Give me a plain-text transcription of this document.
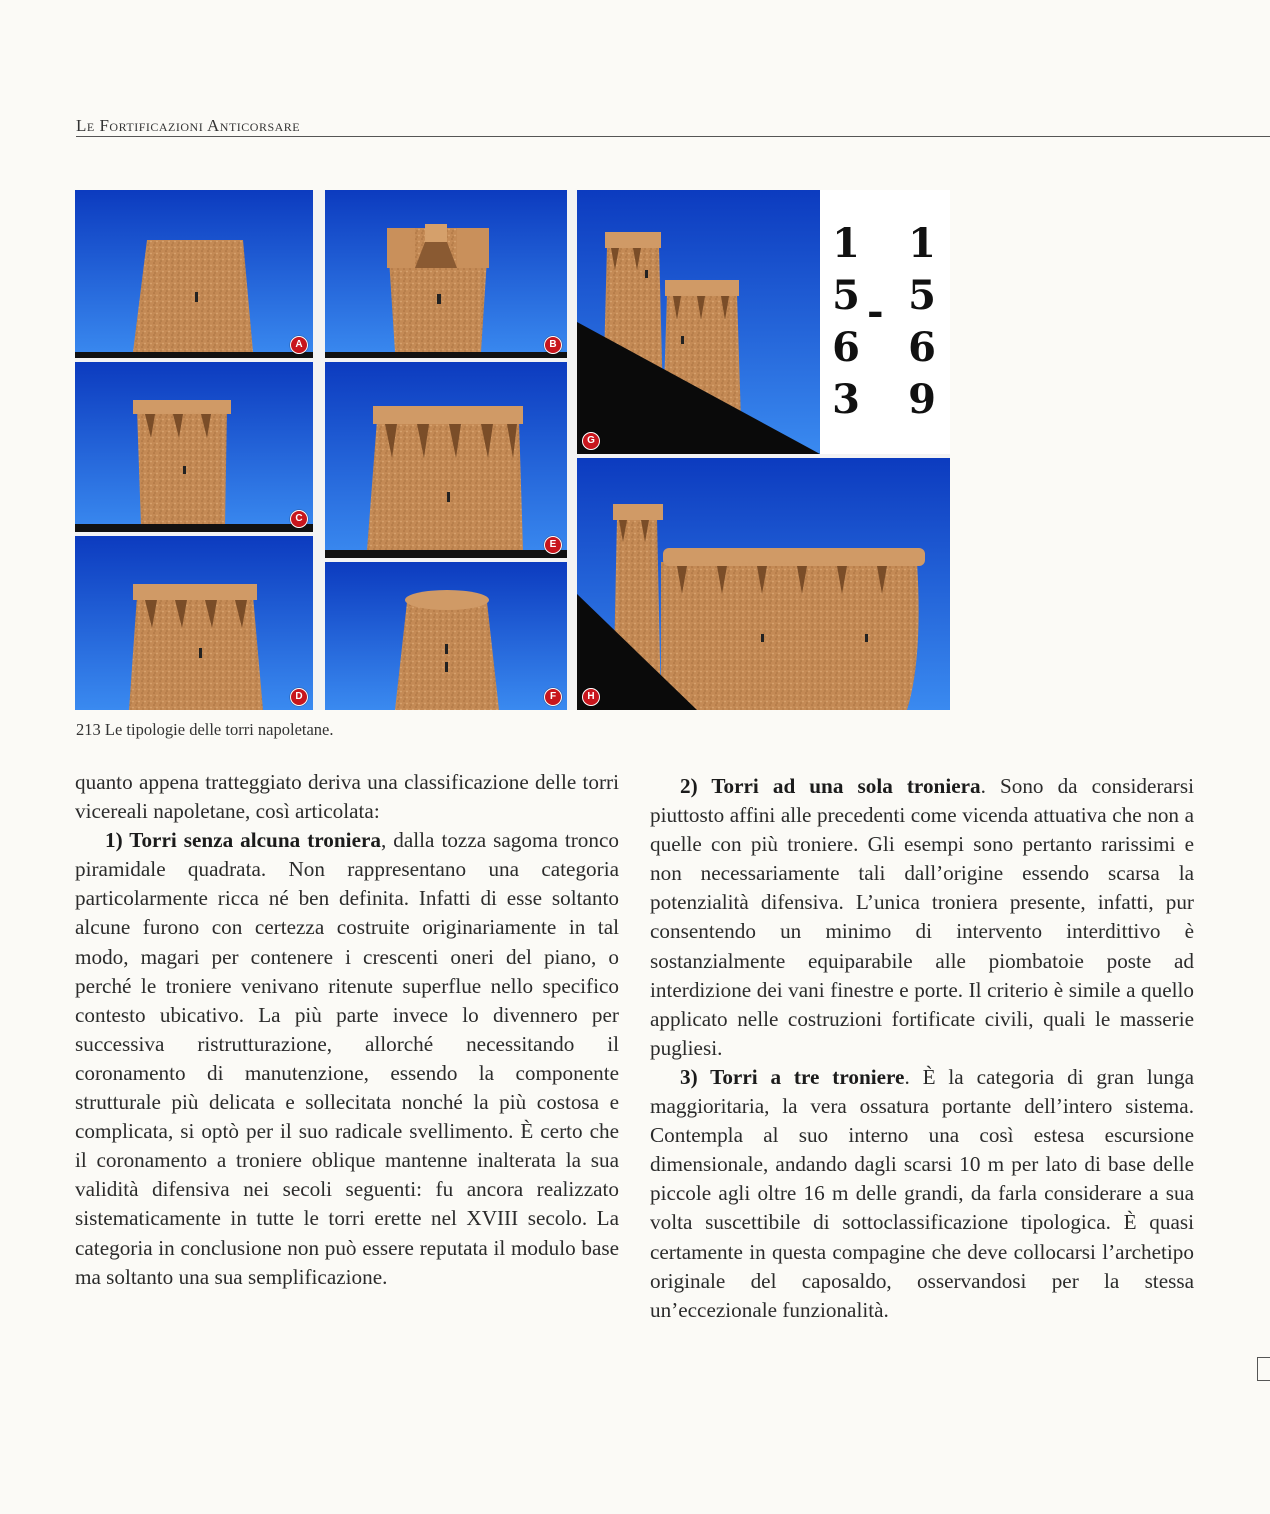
Le Fortificazioni Anticorsare
A	B
C
D
E
F
G
1
5
6
3
-
1
5
6
9
H
213 Le tipologie delle torri napoletane.

quanto appena tratteggiato deriva una classificazione delle torri vicereali napoletane, così articolata:

1) Torri senza alcuna troniera, dalla tozza sagoma tronco piramidale quadrata. Non rappresentano una categoria particolarmente ricca né ben definita. Infatti di esse soltanto alcune furono con certezza costruite originariamente in tal modo, magari per contenere i crescenti oneri del piano, o perché le troniere venivano ritenute superflue nello specifico contesto ubicativo. La più parte invece lo divennero per successiva ristrutturazione, allorché necessitando il coronamento di manutenzione, essendo la componente strutturale più delicata e sollecitata nonché la più costosa e complicata, si optò per il suo radicale svellimento. È certo che il coronamento a troniere oblique mantenne inalterata la sua validità difensiva nei secoli seguenti: fu ancora realizzato sistematicamente in tutte le torri erette nel XVIII secolo. La categoria in conclusione non può essere reputata il modulo base ma soltanto una sua semplificazione.

2) Torri ad una sola troniera. Sono da considerarsi piuttosto affini alle precedenti come vicenda attuativa che non a quelle con più troniere. Gli esempi sono pertanto rarissimi e non necessariamente tali dall’origine essendo scarsa la potenzialità difensiva. L’unica troniera presente, infatti, pur consentendo un minimo di intervento interdittivo è sostanzialmente equiparabile alle piombatoie poste ad interdizione dei vani finestre e porte. Il criterio è simile a quello applicato nelle costruzioni fortificate civili, quali le masserie pugliesi.

3) Torri a tre troniere. È la categoria di gran lunga maggioritaria, la vera ossatura portante dell’intero sistema. Contempla al suo interno una così estesa escursione dimensionale, andando dagli scarsi 10 m per lato di base delle piccole agli oltre 16 m delle grandi, da farla considerare a sua volta suscettibile di sottoclassificazione tipologica. È quasi certamente in questa compagine che deve collocarsi l’archetipo originale del caposaldo, osservandosi per la stessa un’eccezionale funzionalità.
